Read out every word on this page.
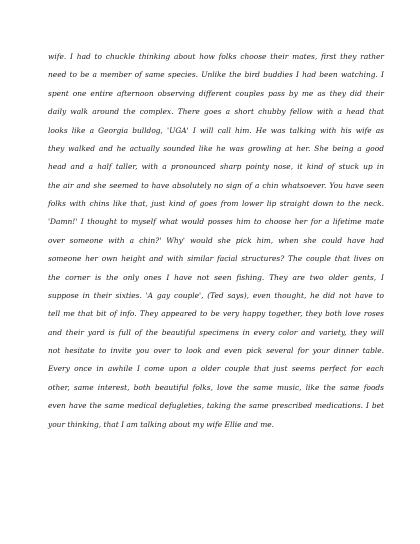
wife. I had to chuckle thinking about how folks choose their mates, first they rather
need to be a member of same species. Unlike the bird buddies I had been watching. I
spent one entire afternoon observing different couples pass by me as they did their
daily walk around the complex. There goes a short chubby fellow with a head that
looks like a Georgia bulldog, 'UGA' I will call him. He was talking with his wife as
they walked and he actually sounded like he was growling at her. She being a good
head and a half taller, with a pronounced sharp pointy nose, it kind of stuck up in
the air and she seemed to have absolutely no sign of a chin whatsoever. You have seen
folks with chins like that, just kind of goes from lower lip straight down to the neck.
'Damn!' I thought to myself what would posses him to choose her for a lifetime mate
over someone with a chin?' Why' would she pick him, when she could have had
someone her own height and with similar facial structures? The couple that lives on
the corner is the only ones I have not seen fishing. They are two older gents, I
suppose in their sixties. 'A gay couple', (Ted says), even thought, he did not have to
tell me that bit of info. They appeared to be very happy together, they both love roses
and their yard is full of the beautiful specimens in every color and variety, they will
not hesitate to invite you over to look and even pick several for your dinner table.
Every once in awhile I come upon a older couple that just seems perfect for each
other, same interest, both beautiful folks, love the same music, like the same foods
even have the same medical defugleties, taking the same prescribed medications. I bet
your thinking, that I am talking about my wife Ellie and me.
